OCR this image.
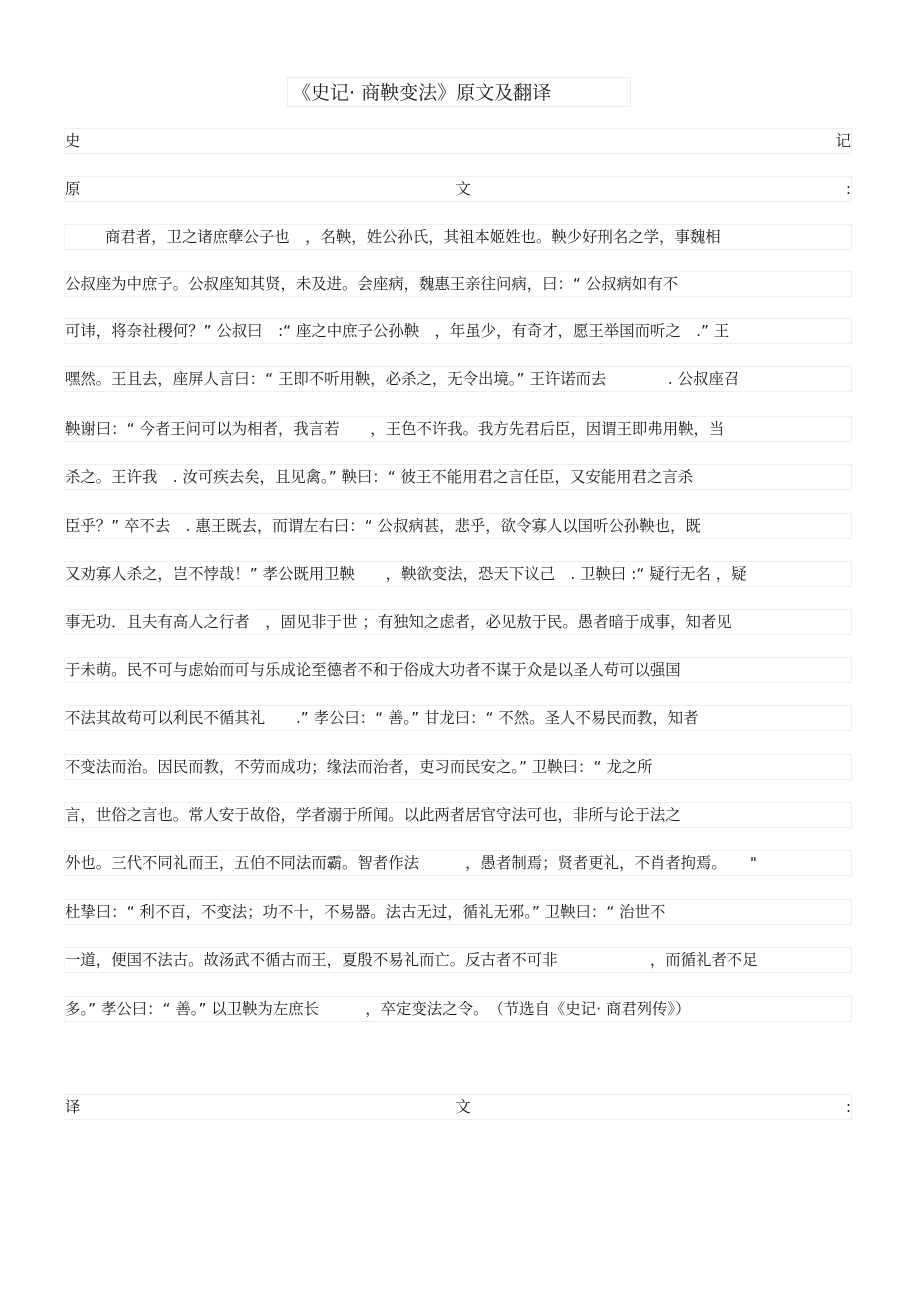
《史记· 商鞅变法》原文及翻译
史	记
原	文	:
商君者，卫之诸庶孽公子也　，名鞅，姓公孙氏，其祖本姬姓也。鞅少好刑名之学，事魏相
公叔座为中庶子。公叔座知其贤，未及进。会座病，魏惠王亲往问病，曰：“ 公叔病如有不
可讳，将奈社稷何？” 公叔曰　:“ 座之中庶子公孙鞅　，年虽少，有奇才，愿王举国而听之　.” 王
嘿然。王且去，座屏人言曰：“ 王即不听用鞅，必杀之，无令出境。” 王许诺而去　　　　. 公叔座召
鞅谢曰：“ 今者王问可以为相者，我言若　　，王色不许我。我方先君后臣，因谓王即弗用鞅，当
杀之。王许我　. 汝可疾去矣，且见禽。” 鞅曰：“ 彼王不能用君之言任臣，又安能用君之言杀
臣乎？” 卒不去　. 惠王既去，而谓左右曰：“ 公叔病甚，悲乎，欲令寡人以国听公孙鞅也，既
又劝寡人杀之，岂不悖哉！” 孝公既用卫鞅　　，鞅欲变法，恐天下议己　. 卫鞅曰 :“ 疑行无名 ，疑
事无功．且夫有高人之行者　，固见非于世 ；有独知之虑者，必见敖于民。愚者暗于成事，知者见
于未萌。民不可与虑始而可与乐成论至德者不和于俗成大功者不谋于众是以圣人苟可以强国
不法其故苟可以利民不循其礼　　.” 孝公曰：“ 善。” 甘龙曰：“ 不然。圣人不易民而教，知者
不变法而治。因民而教，不劳而成功；缘法而治者，吏习而民安之。” 卫鞅曰：“ 龙之所
言，世俗之言也。常人安于故俗，学者溺于所闻。以此两者居官守法可也，非所与论于法之
外也。三代不同礼而王，五伯不同法而霸。智者作法　　　，愚者制焉；贤者更礼，不肖者拘焉。　　"
杜挚曰：“ 利不百，不变法；功不十，不易器。法古无过，循礼无邪。” 卫鞅曰：“ 治世不
一道，便国不法古。故汤武不循古而王，夏殷不易礼而亡。反古者不可非　　　　　　，而循礼者不足
多。” 孝公曰：“ 善。” 以卫鞅为左庶长　　　，卒定变法之令。　（节选自《史记· 商君列传》）
译	文	:
